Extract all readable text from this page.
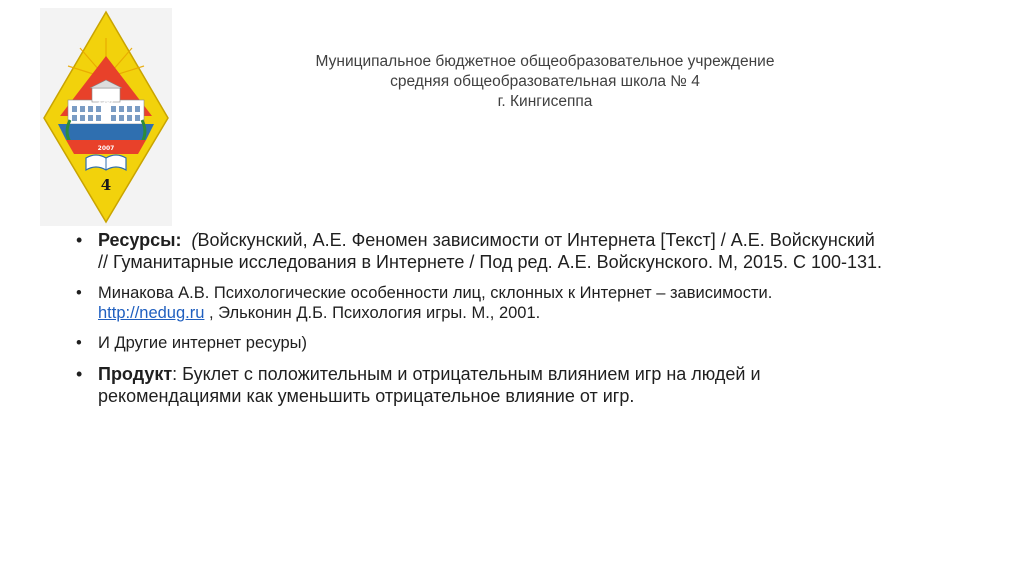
1907
2007
4
Муниципальное бюджетное общеобразовательное учреждение
средняя общеобразовательная школа № 4
г. Кингисеппа
• Ресурсы: (Войскунский, А.Е. Феномен зависимости от Интернета [Текст] / А.Е. Войскунский
// Гуманитарные исследования в Интернете / Под ред. А.Е. Войскунского. М, 2015. С 100-131.
• Минакова А.В. Психологические особенности лиц, склонных к Интернет – зависимости.
http://nedug.ru , Эльконин Д.Б. Психология игры. М., 2001.
• И Другие интернет ресуры)
• Продукт: Буклет с положительным и отрицательным влиянием игр на людей и
рекомендациями как уменьшить отрицательное влияние от игр.
